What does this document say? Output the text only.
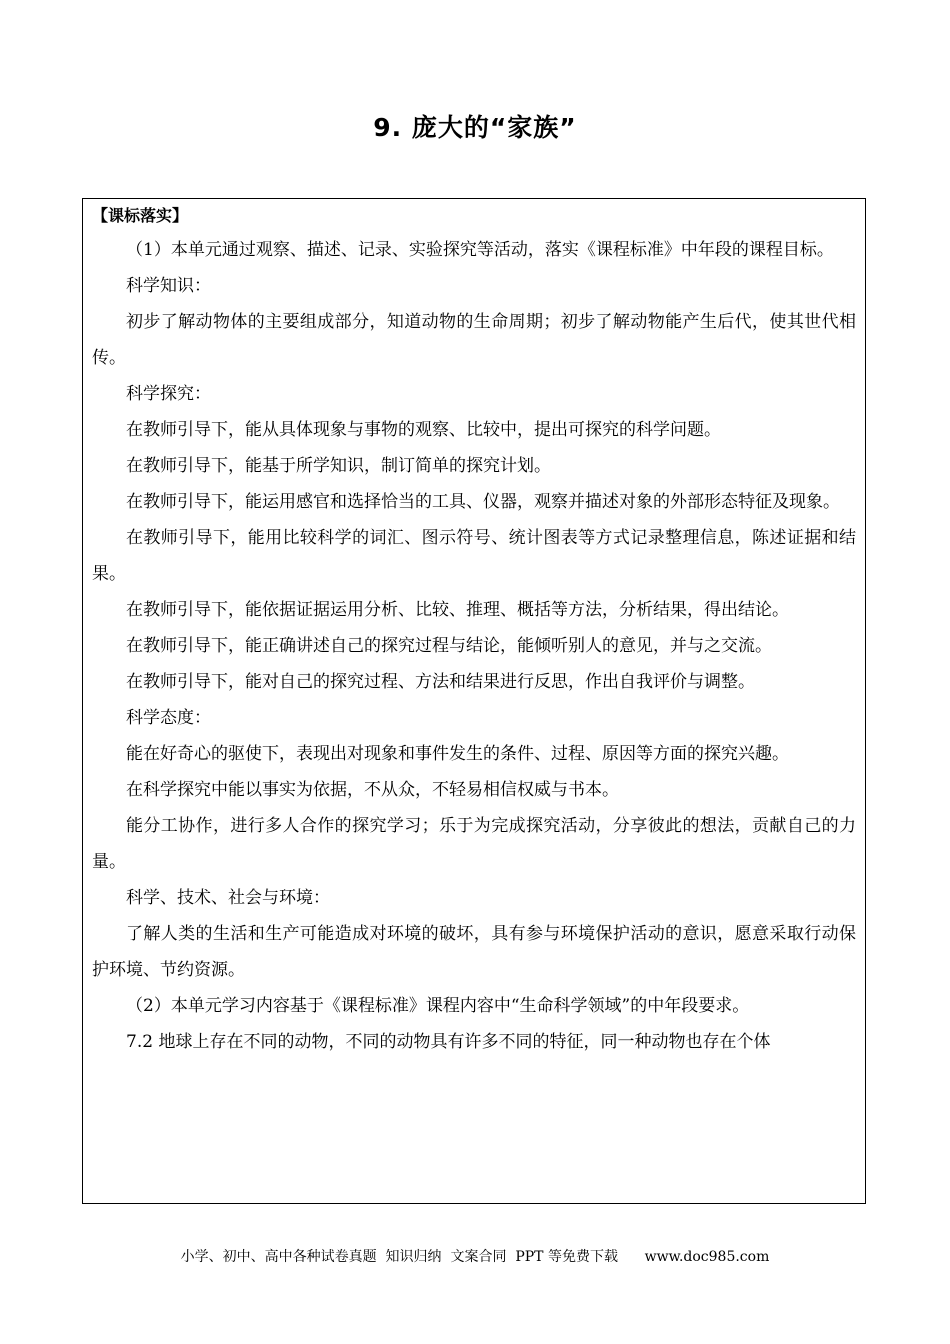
9. 庞大的“家族”
【课标落实】

（1）本单元通过观察、描述、记录、实验探究等活动，落实《课程标准》中年段的课程目标。

科学知识：

初步了解动物体的主要组成部分，知道动物的生命周期；初步了解动物能产生后代，使其世代相传。

科学探究：

在教师引导下，能从具体现象与事物的观察、比较中，提出可探究的科学问题。

在教师引导下，能基于所学知识，制订简单的探究计划。

在教师引导下，能运用感官和选择恰当的工具、仪器，观察并描述对象的外部形态特征及现象。

在教师引导下，能用比较科学的词汇、图示符号、统计图表等方式记录整理信息，陈述证据和结果。

在教师引导下，能依据证据运用分析、比较、推理、概括等方法，分析结果，得出结论。

在教师引导下，能正确讲述自己的探究过程与结论，能倾听别人的意见，并与之交流。

在教师引导下，能对自己的探究过程、方法和结果进行反思，作出自我评价与调整。

科学态度：

能在好奇心的驱使下，表现出对现象和事件发生的条件、过程、原因等方面的探究兴趣。

在科学探究中能以事实为依据，不从众，不轻易相信权威与书本。

能分工协作，进行多人合作的探究学习；乐于为完成探究活动，分享彼此的想法，贡献自己的力量。

科学、技术、社会与环境：

了解人类的生活和生产可能造成对环境的破坏，具有参与环境保护活动的意识，愿意采取行动保护环境、节约资源。

（2）本单元学习内容基于《课程标准》课程内容中“生命科学领域”的中年段要求。

7.2 地球上存在不同的动物，不同的动物具有许多不同的特征，同一种动物也存在个体

小学、初中、高中各种试卷真题  知识归纳  文案合同  PPT 等免费下载      www.doc985.com
